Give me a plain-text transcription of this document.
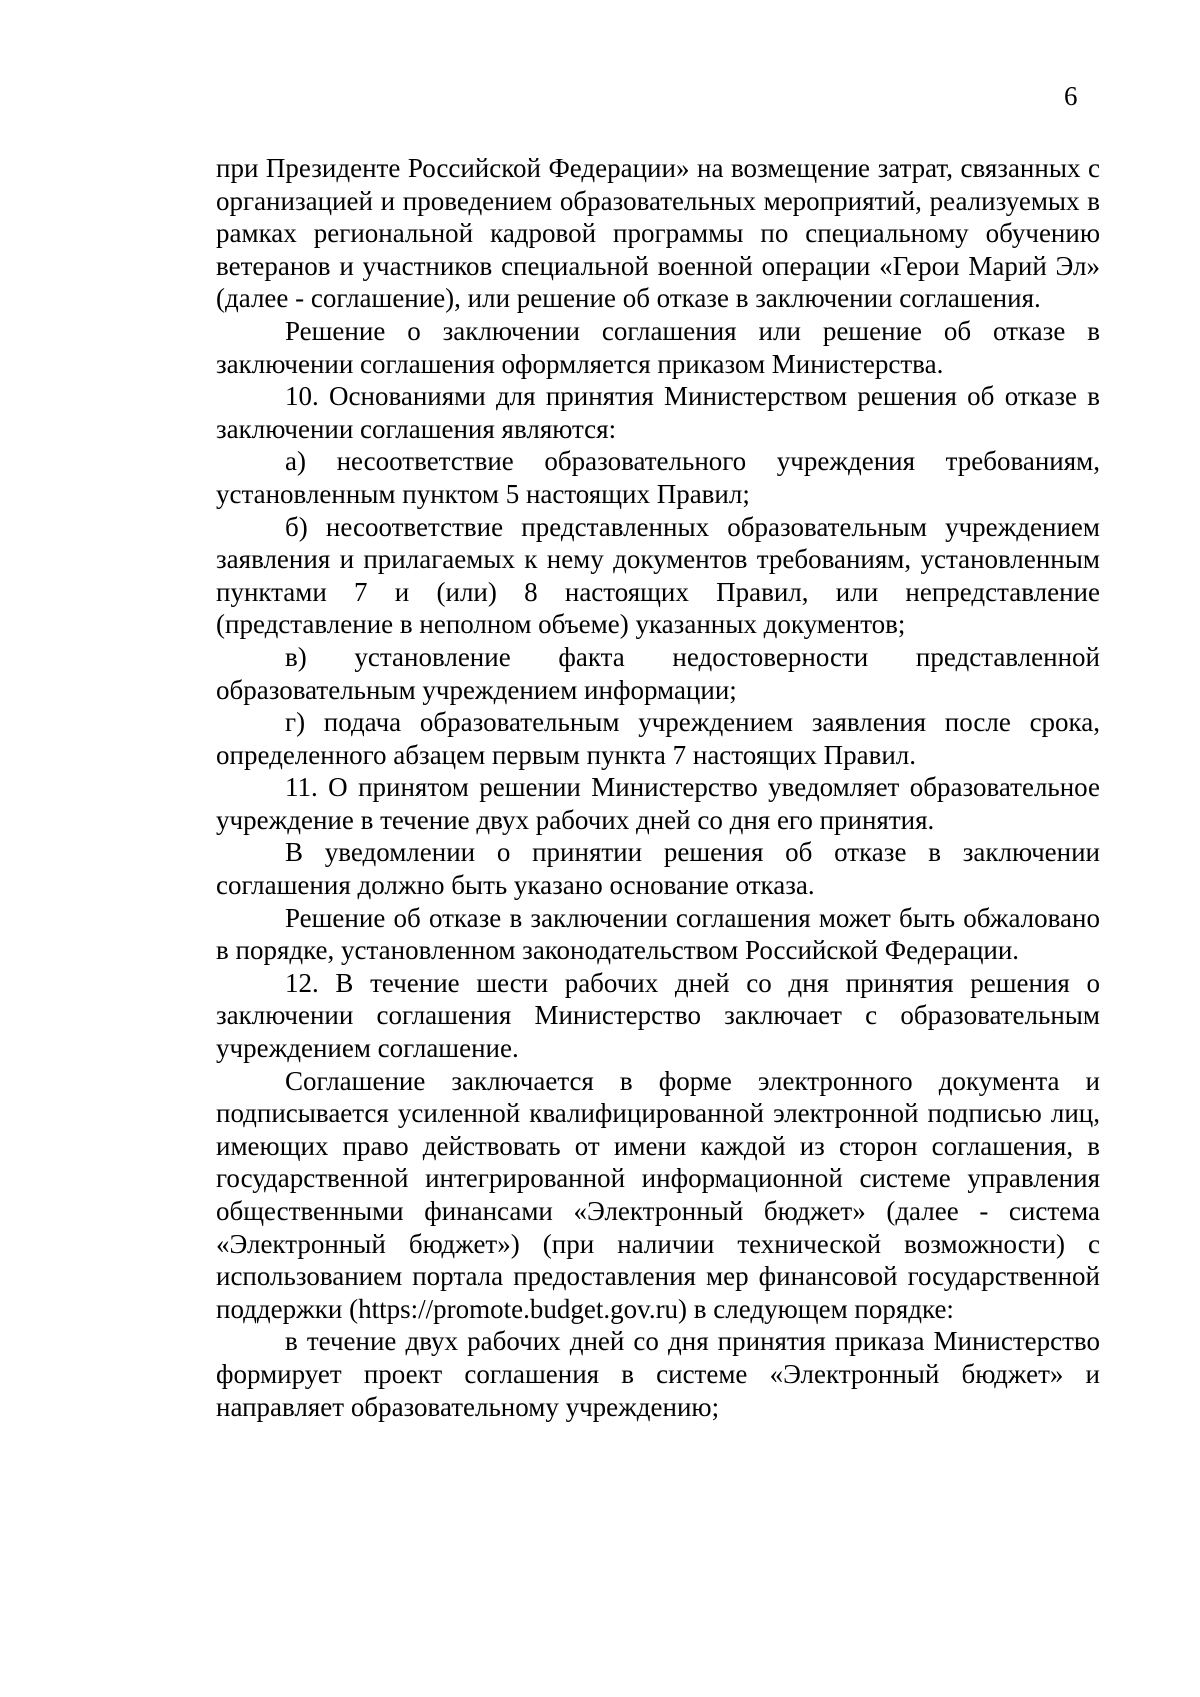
6

при Президенте Российской Федерации» на возмещение затрат, связанных с организацией и проведением образовательных мероприятий, реализуемых в рамках региональной кадровой программы по специальному обучению ветеранов и участников специальной военной операции «Герои Марий Эл» (далее - соглашение), или решение об отказе в заключении соглашения.

Решение о заключении соглашения или решение об отказе в заключении соглашения оформляется приказом Министерства.

10. Основаниями для принятия Министерством решения об отказе в заключении соглашения являются:

а) несоответствие образовательного учреждения требованиям, установленным пунктом 5 настоящих Правил;

б) несоответствие представленных образовательным учреждением заявления и прилагаемых к нему документов требованиям, установленным пунктами 7 и (или) 8 настоящих Правил, или непредставление (представление в неполном объеме) указанных документов;

в) установление факта недостоверности представленной образовательным учреждением информации;

г) подача образовательным учреждением заявления после срока, определенного абзацем первым пункта 7 настоящих Правил.

11. О принятом решении Министерство уведомляет образовательное учреждение в течение двух рабочих дней со дня его принятия.

В уведомлении о принятии решения об отказе в заключении соглашения должно быть указано основание отказа.

Решение об отказе в заключении соглашения может быть обжаловано в порядке, установленном законодательством Российской Федерации.

12. В течение шести рабочих дней со дня принятия решения о заключении соглашения Министерство заключает с образовательным учреждением соглашение.

Соглашение заключается в форме электронного документа и подписывается усиленной квалифицированной электронной подписью лиц, имеющих право действовать от имени каждой из сторон соглашения, в государственной интегрированной информационной системе управления общественными финансами «Электронный бюджет» (далее - система «Электронный бюджет») (при наличии технической возможности) с использованием портала предоставления мер финансовой государственной поддержки (https://promote.budget.gov.ru) в следующем порядке:

в течение двух рабочих дней со дня принятия приказа Министерство формирует проект соглашения в системе «Электронный бюджет» и направляет образовательному учреждению;
